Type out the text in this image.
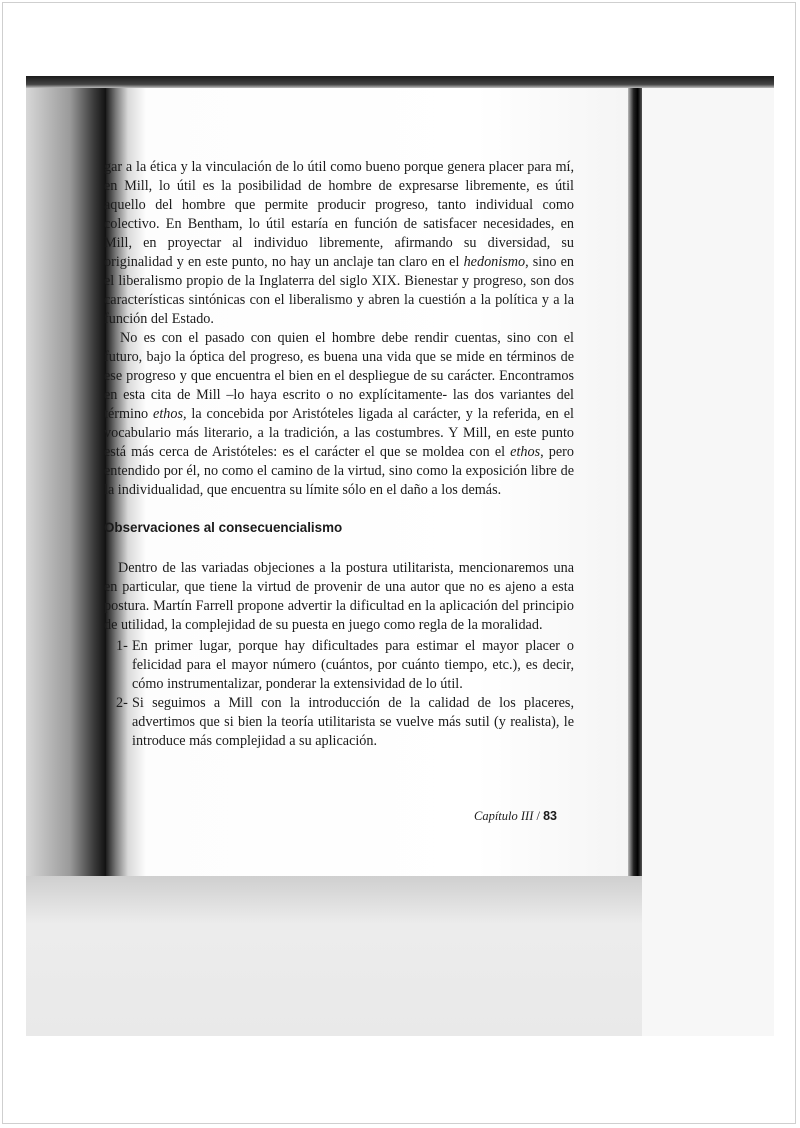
gar a la ética y la vinculación de lo útil como bueno porque genera placer para mí, en Mill, lo útil es la posibilidad de hombre de expresarse libremente, es útil aquello del hombre que permite producir progreso, tanto individual como colectivo. En Bentham, lo útil estaría en función de satisfacer necesidades, en Mill, en proyectar al individuo libremente, afirmando su diversidad, su originalidad y en este punto, no hay un anclaje tan claro en el hedonismo, sino en el liberalismo propio de la Inglaterra del siglo XIX. Bienestar y progreso, son dos características sintónicas con el liberalismo y abren la cuestión a la política y a la función del Estado.

No es con el pasado con quien el hombre debe rendir cuentas, sino con el futuro, bajo la óptica del progreso, es buena una vida que se mide en términos de ese progreso y que encuentra el bien en el despliegue de su carácter. Encontramos en esta cita de Mill –lo haya escrito o no explícitamente- las dos variantes del término ethos, la concebida por Aristóteles ligada al carácter, y la referida, en el vocabulario más literario, a la tradición, a las costumbres. Y Mill, en este punto está más cerca de Aristóteles: es el carácter el que se moldea con el ethos, pero entendido por él, no como el camino de la virtud, sino como la exposición libre de la individualidad, que encuentra su límite sólo en el daño a los demás.

Observaciones al consecuencialismo

Dentro de las variadas objeciones a la postura utilitarista, mencionaremos una en particular, que tiene la virtud de provenir de una autor que no es ajeno a esta postura. Martín Farrell propone advertir la dificultad en la aplicación del principio de utilidad, la complejidad de su puesta en juego como regla de la moralidad.

1- En primer lugar, porque hay dificultades para estimar el mayor placer o felicidad para el mayor número (cuántos, por cuánto tiempo, etc.), es decir, cómo instrumentalizar, ponderar la extensividad de lo útil.
2- Si seguimos a Mill con la introducción de la calidad de los placeres, advertimos que si bien la teoría utilitarista se vuelve más sutil (y realista), le introduce más complejidad a su aplicación.
Capítulo III / 83
